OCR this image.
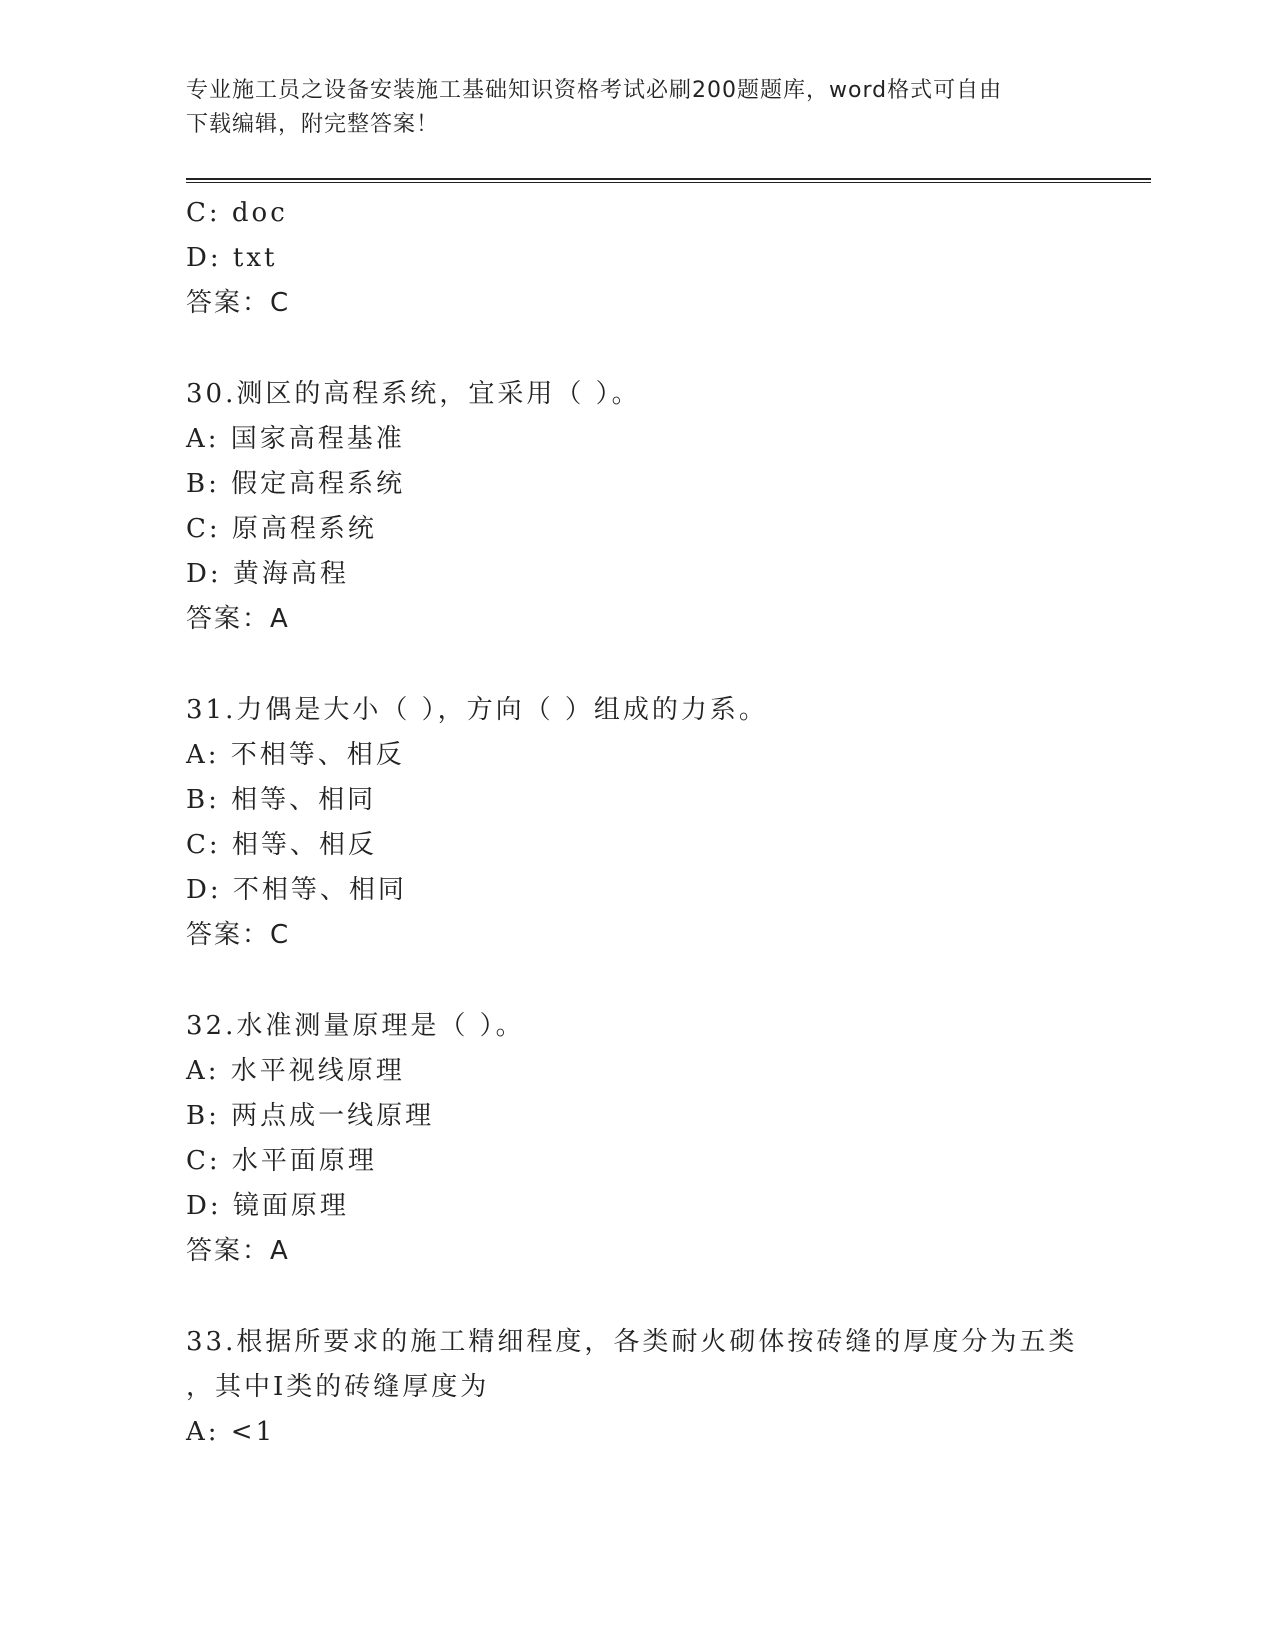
专业施工员之设备安装施工基础知识资格考试必刷200题题库，word格式可自由
下载编辑，附完整答案！
C: doc
D: txt
答案：C
30.测区的高程系统，宜采用（ ）。
A: 国家高程基准
B: 假定高程系统
C: 原高程系统
D: 黄海高程
答案：A
31.力偶是大小（ ），方向（ ）组成的力系。
A: 不相等、相反
B: 相等、相同
C: 相等、相反
D: 不相等、相同
答案：C
32.水准测量原理是（ ）。
A: 水平视线原理
B: 两点成一线原理
C: 水平面原理
D: 镜面原理
答案：A
33.根据所要求的施工精细程度，各类耐火砌体按砖缝的厚度分为五类
，其中Ⅰ类的砖缝厚度为
A: <1
